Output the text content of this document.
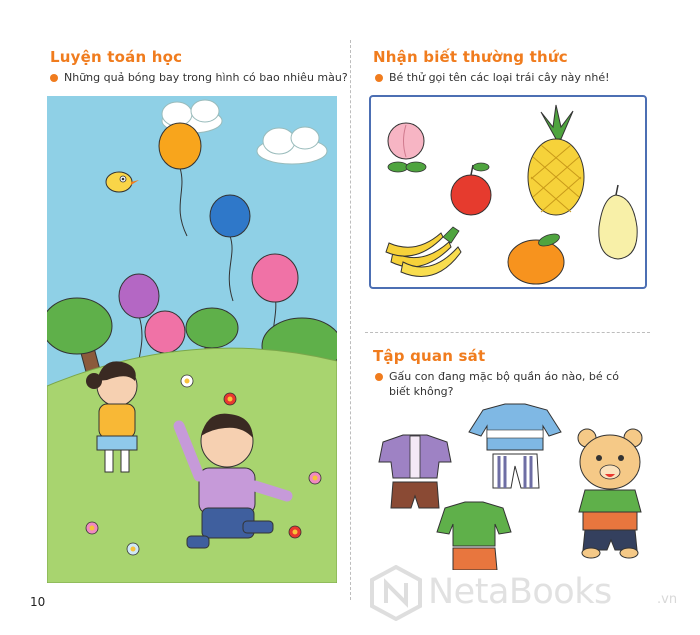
Luyện toán học
Những quả bóng bay trong hình có bao nhiêu màu?
10
Nhận biết thường thức
Bé thử gọi tên các loại trái cây này nhé!
Tập quan sát
Gấu con đang mặc bộ quần áo nào, bé có
biết không?
NetaBooks	.vn
